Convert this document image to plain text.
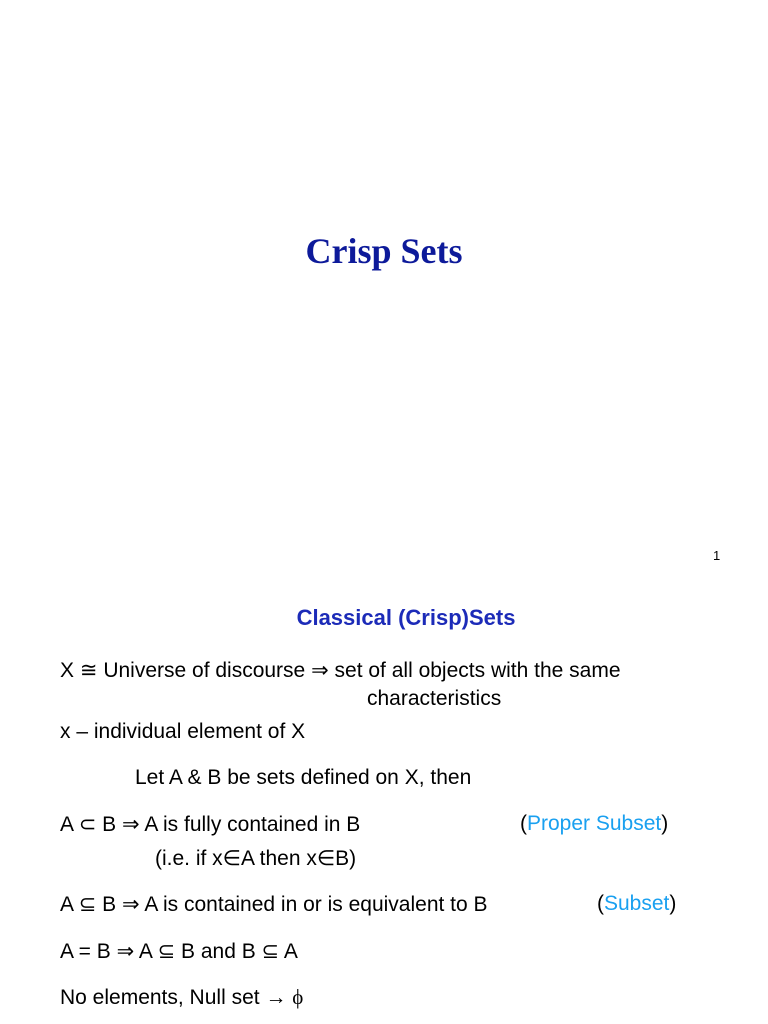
Crisp Sets
1
Classical (Crisp)Sets
X ≅ Universe of discourse ⇒ set of all objects with the same
characteristics
x – individual element of X
Let A & B be sets defined on X, then
A ⊂ B ⇒ A is fully contained in B	(Proper Subset)
(i.e. if x∈A then x∈B)
A ⊆ B ⇒ A is contained in or is equivalent to B	(Subset)
A = B ⇒ A ⊆ B and B ⊆ A
No elements, Null set → ϕ
